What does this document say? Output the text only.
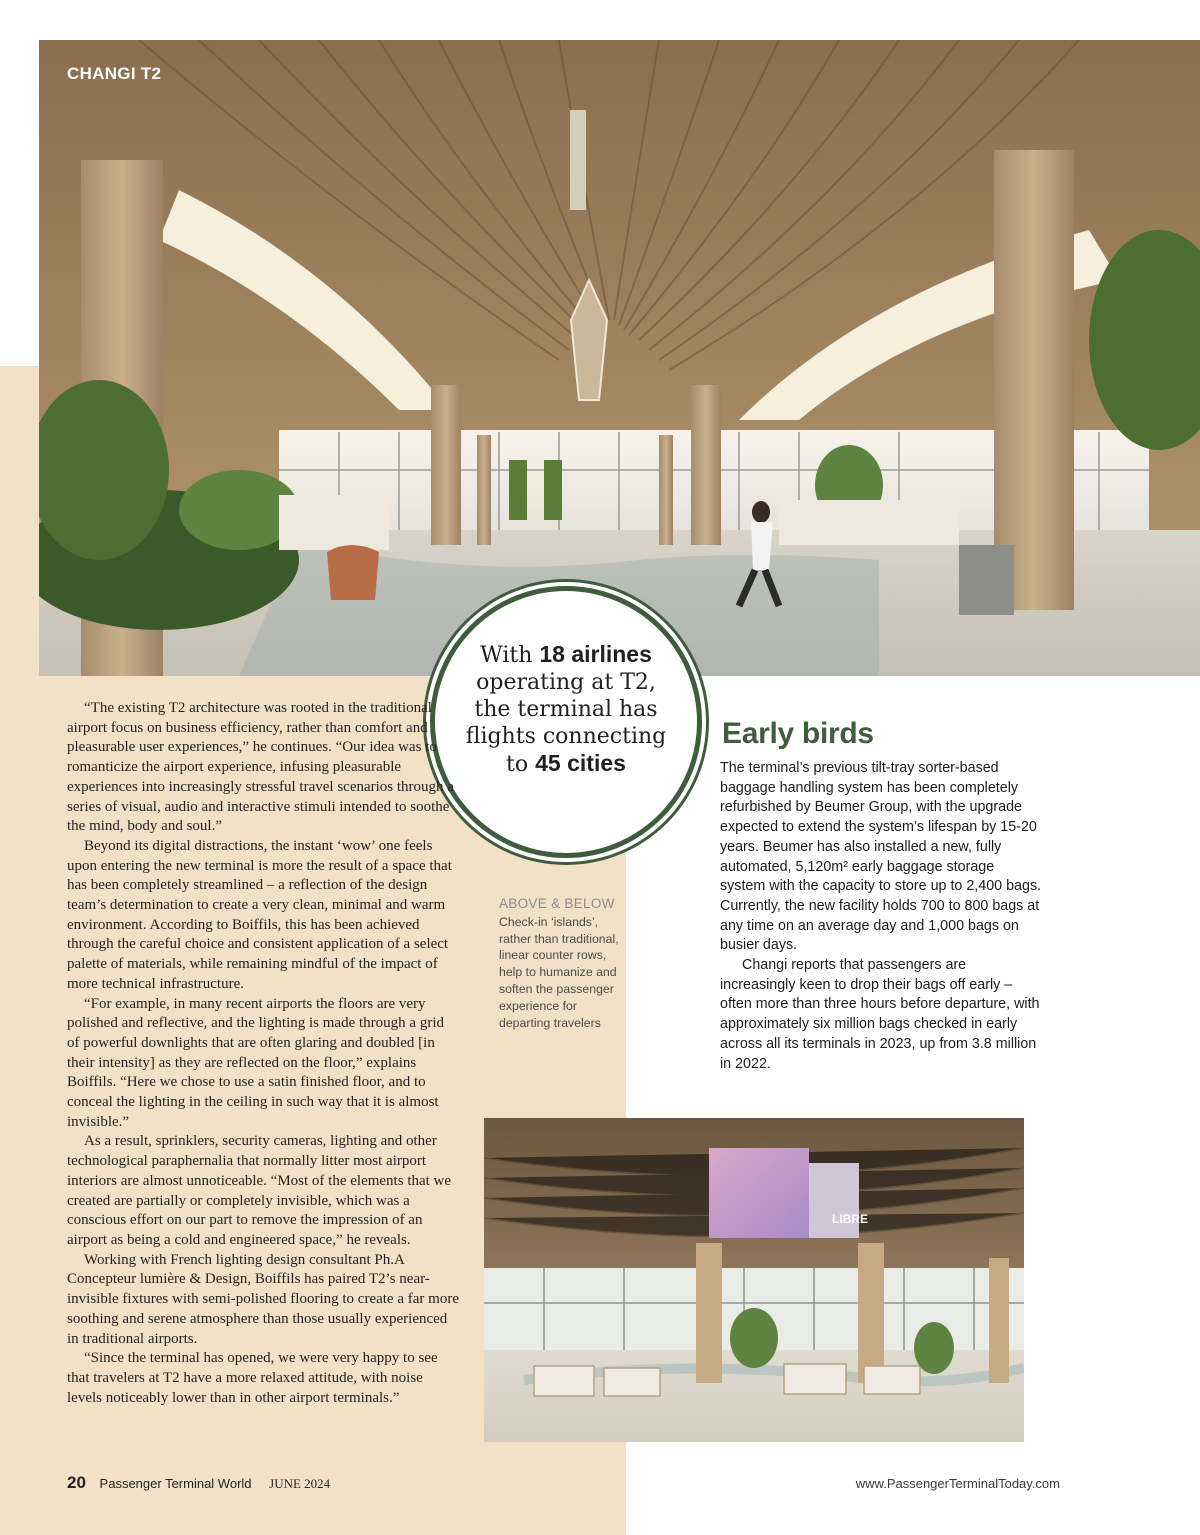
CHANGI T2
With 18 airlines operating at T2, the terminal has flights connecting to 45 cities

“The existing T2 architecture was rooted in the traditional airport focus on business efficiency, rather than comfort and pleasurable user experiences,” he continues. “Our idea was to romanticize the airport experience, infusing pleasurable experiences into increasingly stressful travel scenarios through a series of visual, audio and interactive stimuli intended to soothe the mind, body and soul.”

Beyond its digital distractions, the instant ‘wow’ one feels upon entering the new terminal is more the result of a space that has been completely streamlined – a reflection of the design team’s determination to create a very clean, minimal and warm environment. According to Boiffils, this has been achieved through the careful choice and consistent application of a select palette of materials, while remaining mindful of the impact of more technical infrastructure.

“For example, in many recent airports the floors are very polished and reflective, and the lighting is made through a grid of powerful downlights that are often glaring and doubled [in their intensity] as they are reflected on the floor,” explains Boiffils. “Here we chose to use a satin finished floor, and to conceal the lighting in the ceiling in such way that it is almost invisible.”

As a result, sprinklers, security cameras, lighting and other technological paraphernalia that normally litter most airport interiors are almost unnoticeable. “Most of the elements that we created are partially or completely invisible, which was a conscious effort on our part to remove the impression of an airport as being a cold and engineered space,” he reveals.

Working with French lighting design consultant Ph.A Concepteur lumière & Design, Boiffils has paired T2’s near-invisible fixtures with semi-polished flooring to create a far more soothing and serene atmosphere than those usually experienced in traditional airports.

“Since the terminal has opened, we were very happy to see that travelers at T2 have a more relaxed attitude, with noise levels noticeably lower than in other airport terminals.”

ABOVE & BELOW
Check-in ‘islands’, rather than traditional, linear counter rows, help to humanize and soften the passenger experience for departing travelers
Early birds

The terminal’s previous tilt-tray sorter-based baggage handling system has been completely refurbished by Beumer Group, with the upgrade expected to extend the system’s lifespan by 15-20 years. Beumer has also installed a new, fully automated, 5,120m² early baggage storage system with the capacity to store up to 2,400 bags. Currently, the new facility holds 700 to 800 bags at any time on an average day and 1,000 bags on busier days.

Changi reports that passengers are increasingly keen to drop their bags off early – often more than three hours before departure, with approximately six million bags checked in early across all its terminals in 2023, up from 3.8 million in 2022.

LIBRE
20 Passenger Terminal World JUNE 2024	www.PassengerTerminalToday.com
